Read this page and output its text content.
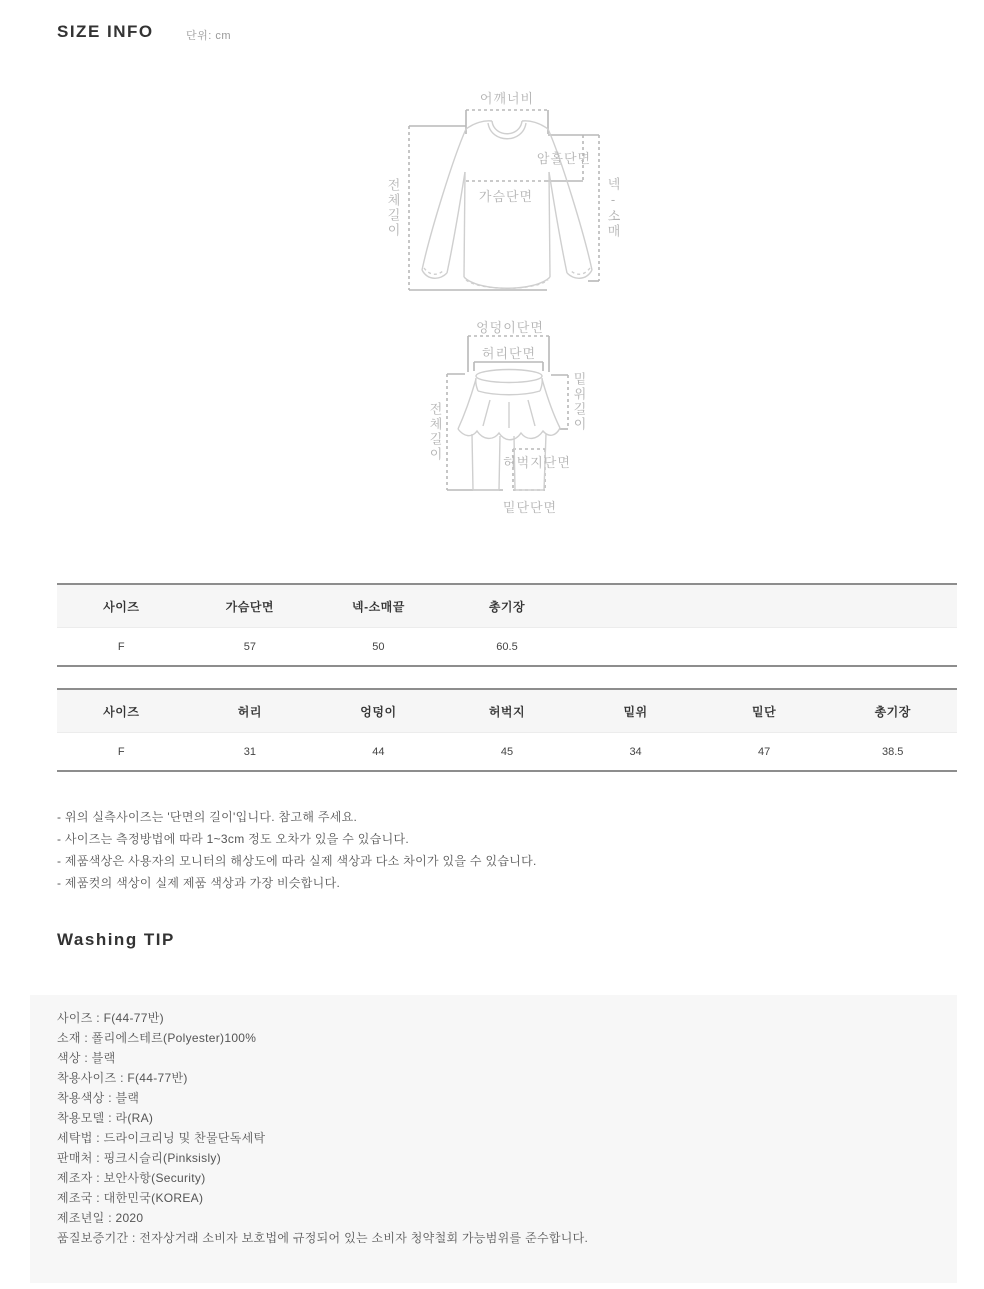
SIZE INFO	단위: cm
어깨너비
암홀단면
가슴단면
전체길이	넥-소매
엉덩이단면
허리단면
밑위길이
전체길이
허벅지단면
밑단단면
사이즈	가슴단면	넥-소매끝	총기장
F	57	50	60.5
사이즈	허리	엉덩이	허벅지	밑위	밑단	총기장
F	31	44	45	34	47	38.5
- 위의 실측사이즈는 '단면의 길이'입니다. 참고해 주세요.
- 사이즈는 측정방법에 따라 1~3cm 정도 오차가 있을 수 있습니다.
- 제품색상은 사용자의 모니터의 해상도에 따라 실제 색상과 다소 차이가 있을 수 있습니다.
- 제품컷의 색상이 실제 제품 색상과 가장 비슷합니다.
Washing TIP
사이즈 : F(44-77반)
소재 : 폴리에스테르(Polyester)100%
색상 : 블랙
착용사이즈 : F(44-77반)
착용색상 : 블랙
착용모델 : 라(RA)
세탁법 : 드라이크리닝 및 찬물단독세탁
판매처 : 핑크시슬리(Pinksisly)
제조자 : 보안사항(Security)
제조국 : 대한민국(KOREA)
제조년일 : 2020
품질보증기간 : 전자상거래 소비자 보호법에 규정되어 있는 소비자 청약철회 가능범위를 준수합니다.
